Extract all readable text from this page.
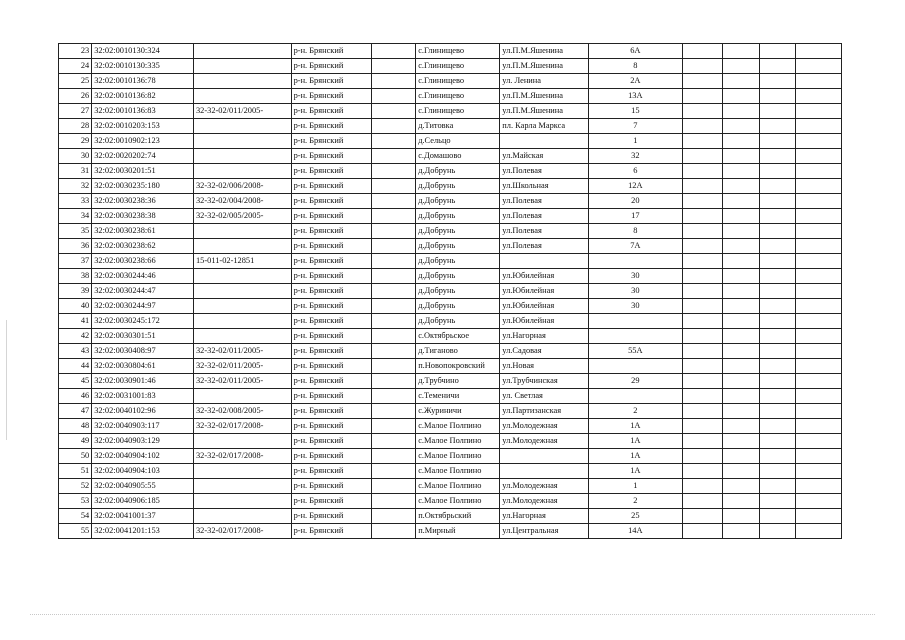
23	32:02:0010130:324		р-н. Брянский		с.Глинищево	ул.П.М.Яшенина	6А				
24	32:02:0010130:335		р-н. Брянский		с.Глинищево	ул.П.М.Яшенина	8				
25	32:02:0010136:78		р-н. Брянский		с.Глинищево	ул. Ленина	2А				
26	32:02:0010136:82		р-н. Брянский		с.Глинищево	ул.П.М.Яшенина	13А				
27	32:02:0010136:83	32-32-02/011/2005-	р-н. Брянский		с.Глинищево	ул.П.М.Яшенина	15				
28	32:02:0010203:153		р-н. Брянский		д.Титовка	пл. Карла Маркса	7				
29	32:02:0010902:123		р-н. Брянский		д.Сельцо		1				
30	32:02:0020202:74		р-н. Брянский		с.Домашово	ул.Майская	32				
31	32:02:0030201:51		р-н. Брянский		д.Добрунь	ул.Полевая	6				
32	32:02:0030235:180	32-32-02/006/2008-	р-н. Брянский		д.Добрунь	ул.Школьная	12А				
33	32:02:0030238:36	32-32-02/004/2008-	р-н. Брянский		д.Добрунь	ул.Полевая	20				
34	32:02:0030238:38	32-32-02/005/2005-	р-н. Брянский		д.Добрунь	ул.Полевая	17				
35	32:02:0030238:61		р-н. Брянский		д.Добрунь	ул.Полевая	8				
36	32:02:0030238:62		р-н. Брянский		д.Добрунь	ул.Полевая	7А				
37	32:02:0030238:66	15-011-02-12851	р-н. Брянский		д.Добрунь						
38	32:02:0030244:46		р-н. Брянский		д.Добрунь	ул.Юбилейная	30				
39	32:02:0030244:47		р-н. Брянский		д.Добрунь	ул.Юбилейная	30				
40	32:02:0030244:97		р-н. Брянский		д.Добрунь	ул.Юбилейная	30				
41	32:02:0030245:172		р-н. Брянский		д.Добрунь	ул.Юбилейная					
42	32:02:0030301:51		р-н. Брянский		с.Октябрьское	ул.Нагорная					
43	32:02:0030408:97	32-32-02/011/2005-	р-н. Брянский		д.Тиганово	ул.Садовая	55А				
44	32:02:0030804:61	32-32-02/011/2005-	р-н. Брянский		п.Новопокровский	ул.Новая					
45	32:02:0030901:46	32-32-02/011/2005-	р-н. Брянский		д.Трубчино	ул.Трубчинская	29				
46	32:02:0031001:83		р-н. Брянский		с.Теменичи	ул. Светлая					
47	32:02:0040102:96	32-32-02/008/2005-	р-н. Брянский		с.Журиничи	ул.Партизанская	2				
48	32:02:0040903:117	32-32-02/017/2008-	р-н. Брянский		с.Малое Полпино	ул.Молодежная	1А				
49	32:02:0040903:129		р-н. Брянский		с.Малое Полпино	ул.Молодежная	1А				
50	32:02:0040904:102	32-32-02/017/2008-	р-н. Брянский		с.Малое Полпино		1А				
51	32:02:0040904:103		р-н. Брянский		с.Малое Полпино		1А				
52	32:02:0040905:55		р-н. Брянский		с.Малое Полпино	ул.Молодежная	1				
53	32:02:0040906:185		р-н. Брянский		с.Малое Полпино	ул.Молодежная	2				
54	32:02:0041001:37		р-н. Брянский		п.Октябрьский	ул.Нагорная	25				
55	32:02:0041201:153	32-32-02/017/2008-	р-н. Брянский		п.Мирный	ул.Центральная	14А				
